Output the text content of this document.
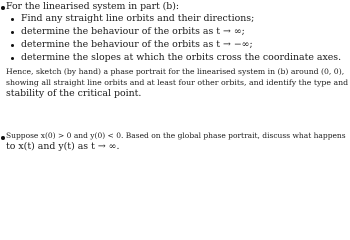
For the linearised system in part (b):
Find any straight line orbits and their directions;
determine the behaviour of the orbits as t → ∞;
determine the behaviour of the orbits as t → −∞;
determine the slopes at which the orbits cross the coordinate axes.
Hence, sketch (by hand) a phase portrait for the linearised system in (b) around (0, 0),
showing all straight line orbits and at least four other orbits, and identify the type and
stability of the critical point.
Suppose x(0) > 0 and y(0) < 0. Based on the global phase portrait, discuss what happens
to x(t) and y(t) as t → ∞.
